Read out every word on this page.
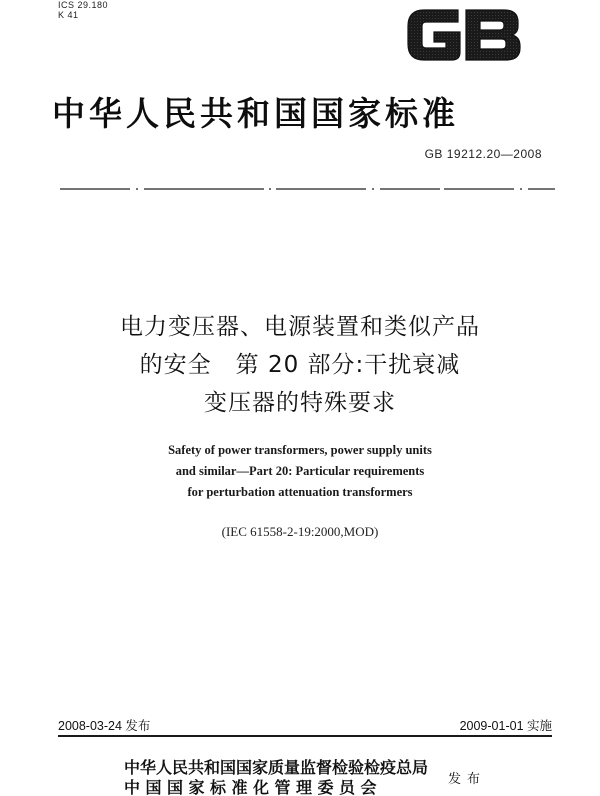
ICS 29.180
K 41
中华人民共和国国家标准
GB 19212.20—2008
电力变压器、电源装置和类似产品
的安全　第 20 部分:干扰衰减
变压器的特殊要求
Safety of power transformers, power supply units
and similar—Part 20: Particular requirements
for perturbation attenuation transformers
(IEC 61558-2-19:2000,MOD)
2008-03-24 发布	2009-01-01 实施
中华人民共和国国家质量监督检验检疫总局
中国国家标准化管理委员会	发布
